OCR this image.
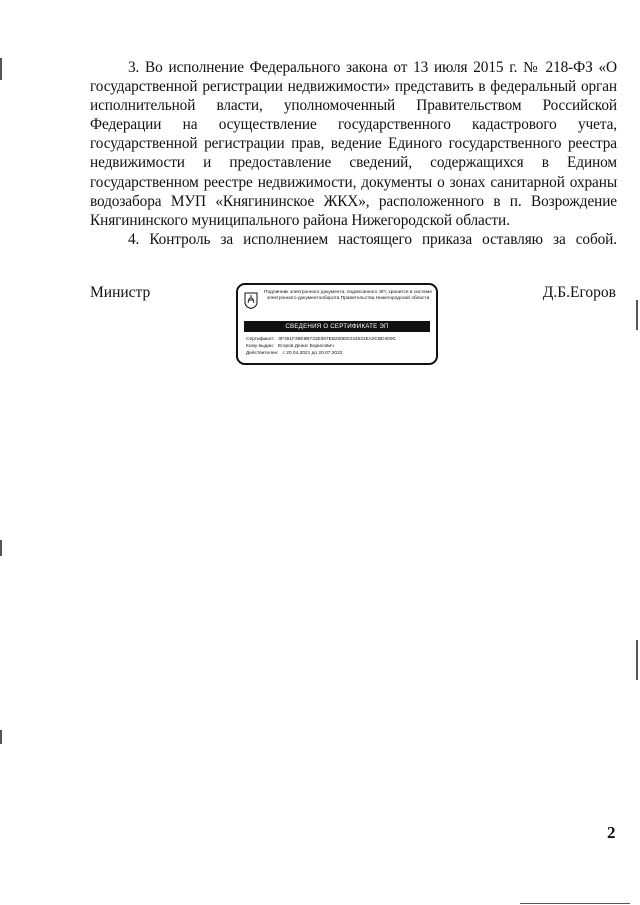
3. Во исполнение Федерального закона от 13 июля 2015 г. № 218-ФЗ «О государственной регистрации недвижимости» представить в федеральный орган исполнительной власти, уполномоченный Правительством Российской Федерации на осуществление государственного кадастрового учета, государственной регистрации прав, ведение Единого государственного реестра недвижимости и предоставление сведений, содержащихся в Едином государственном реестре недвижимости, документы о зонах санитарной охраны водозабора МУП «Княгининское ЖКХ», расположенного в п. Возрождение Княгининского муниципального района Нижегородской области.

4. Контроль за исполнением настоящего приказа оставляю за собой.

Министр	Подлинник электронного документа, подписанного ЭП, хранится в системе электронного документооборота Правительства Нижегородской области
СВЕДЕНИЯ О СЕРТИФИКАТЕ ЭП
Сертификат: 0F461F38E9B731E087EB200EE034531EA2CBD409C
Кому выдан: Егоров Денис Борисович
Действителен: с 20.04.2021 до 20.07.2022
Д.Б.Егоров
2
